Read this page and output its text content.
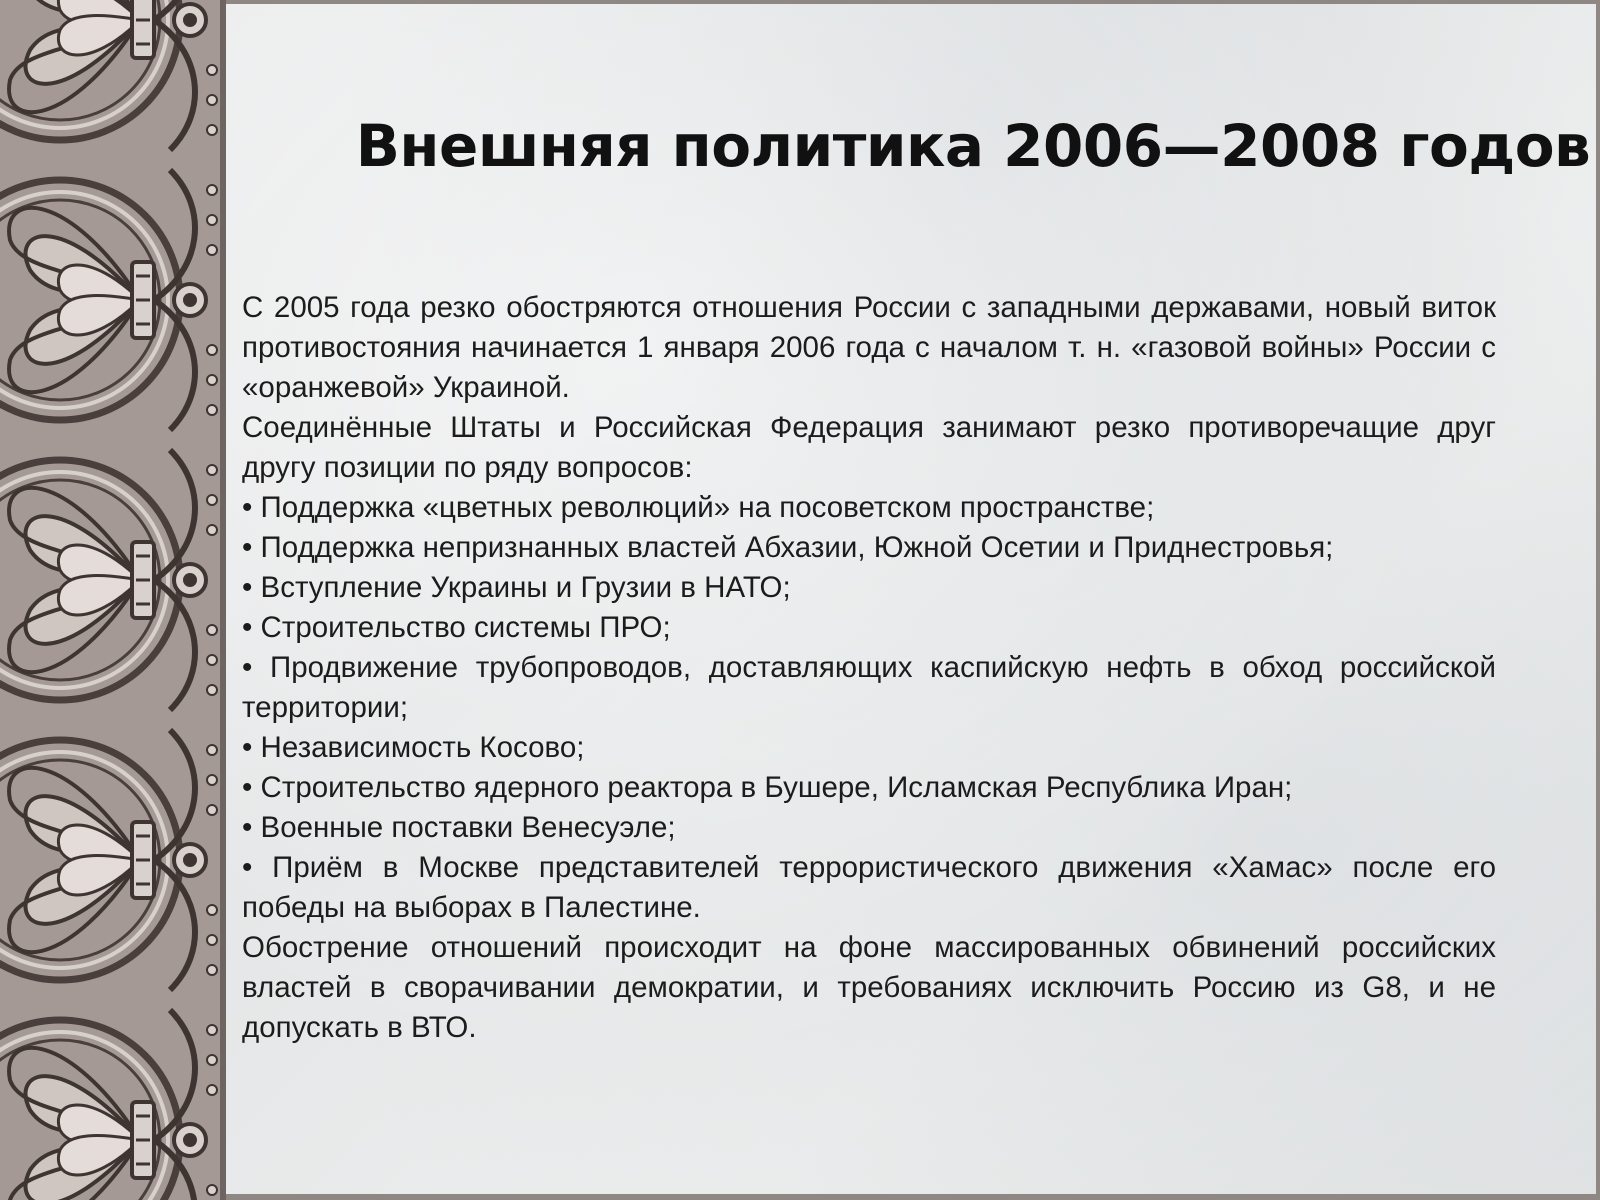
Внешняя политика 2006—2008 годов

С 2005 года резко обостряются отношения России с западными державами, новый виток противостояния начинается 1 января 2006 года с началом т. н. «газовой войны» России с «оранжевой» Украиной.

Соединённые Штаты и Российская Федерация занимают резко противоречащие друг другу позиции по ряду вопросов:

• Поддержка «цветных революций» на посоветском пространстве;

• Поддержка непризнанных властей Абхазии, Южной Осетии и Приднестровья;

• Вступление Украины и Грузии в НАТО;

• Строительство системы ПРО;

• Продвижение трубопроводов, доставляющих каспийскую нефть в обход российской территории;

• Независимость Косово;

• Строительство ядерного реактора в Бушере, Исламская Республика Иран;

• Военные поставки Венесуэле;

• Приём в Москве представителей террористического движения «Хамас» после его победы на выборах в Палестине.

Обострение отношений происходит на фоне массированных обвинений российских властей в сворачивании демократии, и требованиях исключить Россию из G8, и не допускать в ВТО.
